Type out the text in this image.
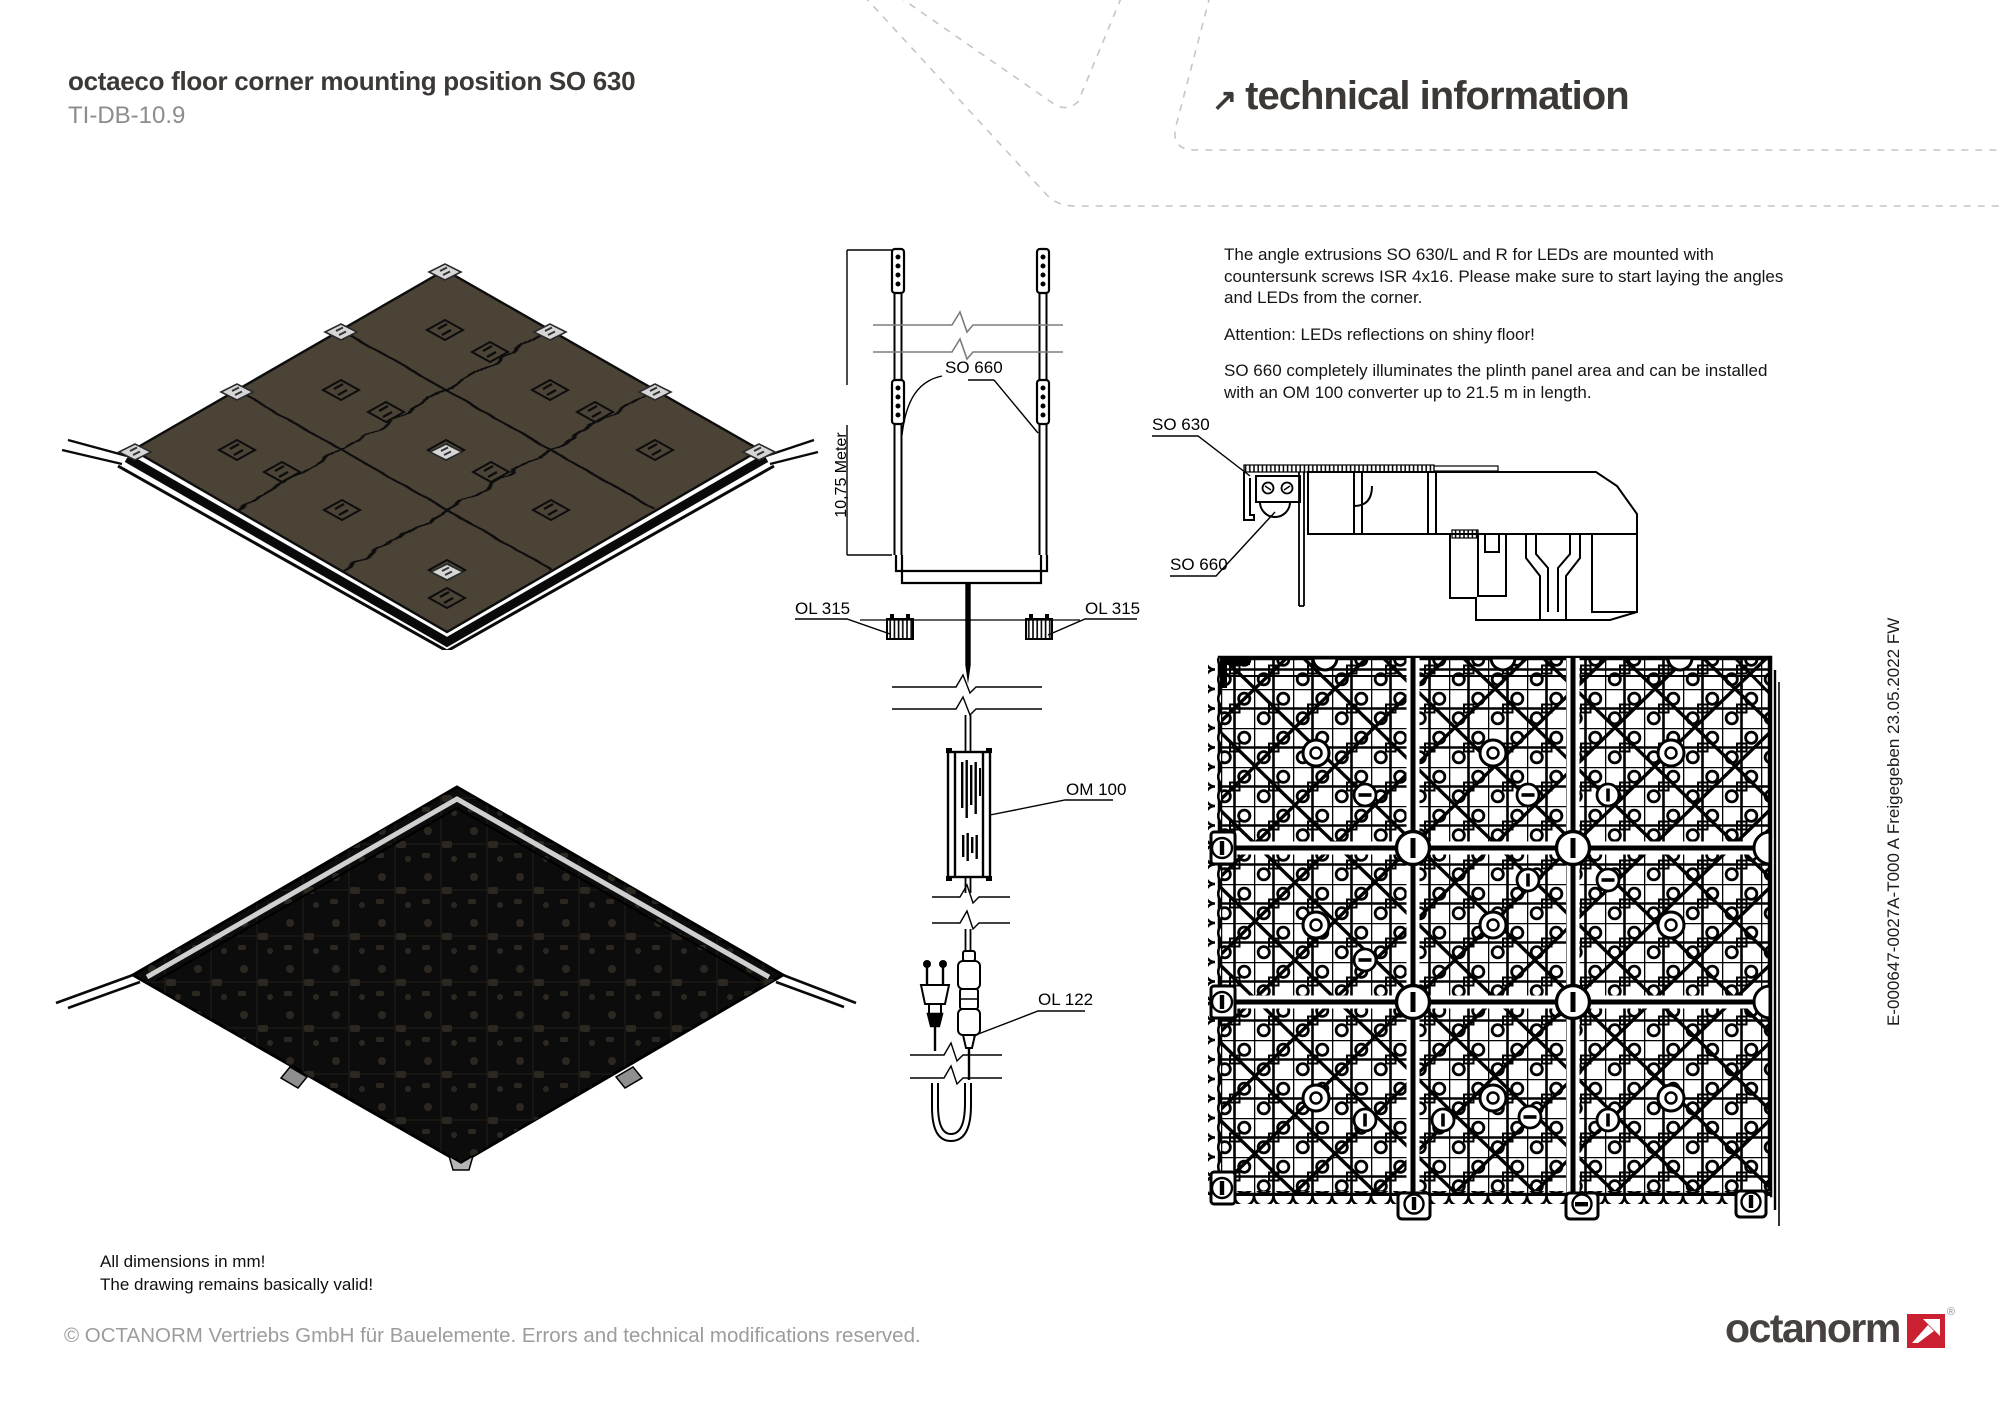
octaeco floor corner mounting position SO 630
TI-DB-10.9	↗ technical information
10,75 Meter
SO 660
OL 315	OL 315
OM 100
OL 122

The angle extrusions SO 630/L and R for LEDs are mounted with countersunk screws ISR 4x16. Please make sure to start laying the angles and LEDs from the corner.

Attention: LEDs reflections on shiny floor!

SO 660 completely illuminates the plinth panel area and can be installed with an OM 100 converter up to 21.5 m in length.

SO 630
SO 660
E-000647-0027A-T000 A Freigegeben 23.05.2022 FW
All dimensions in mm!
The drawing remains basically valid!
© OCTANORM Vertriebs GmbH für Bauelemente. Errors and technical modifications reserved.	octanorm	®
